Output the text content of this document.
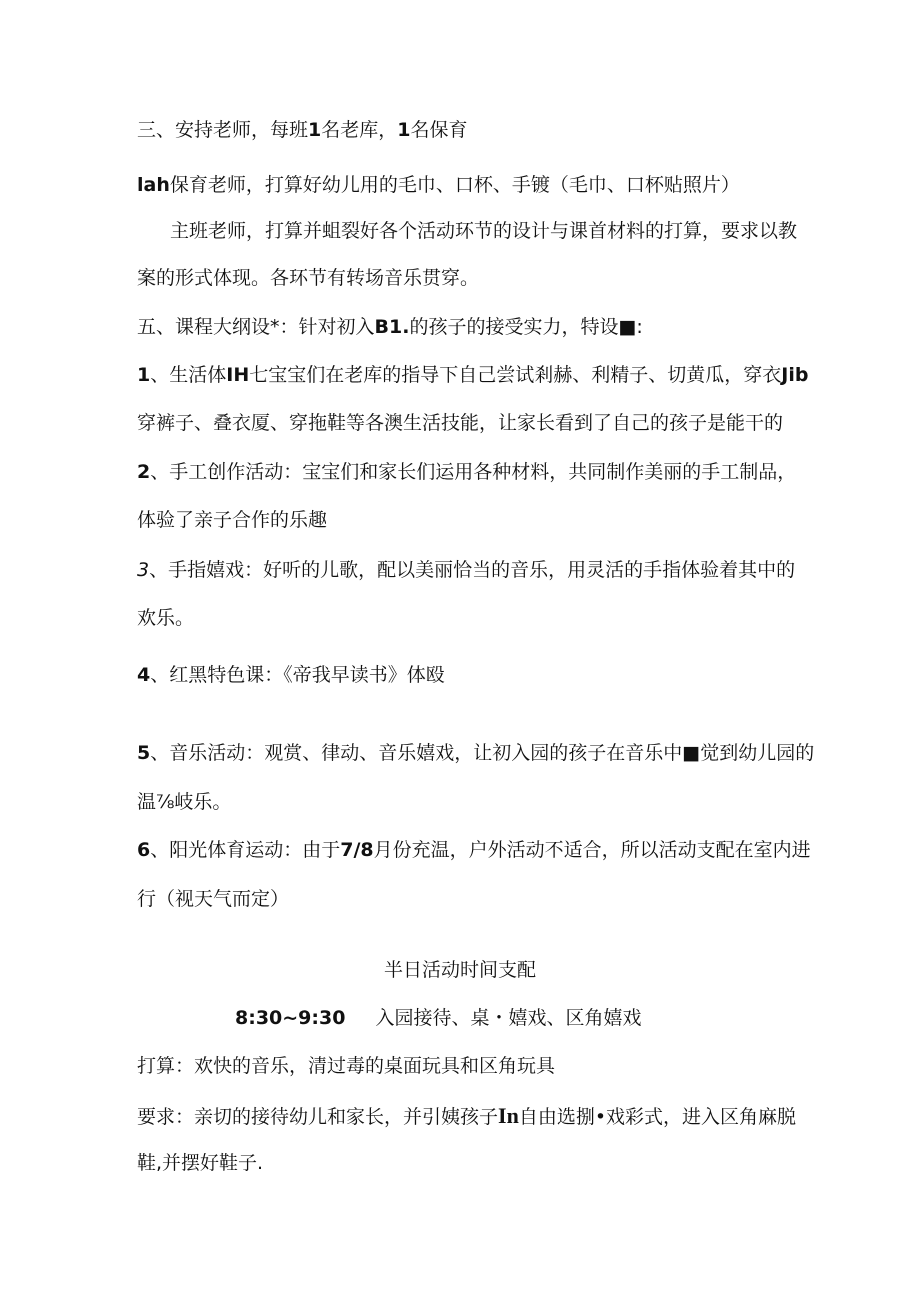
三、安持老师，每班1名老库，1名保育
lah保育老师，打算好幼儿用的毛巾、口杯、手镀（毛巾、口杯贴照片）
主班老师，打算并蛆裂好各个活动环节的设计与课首材料的打算，要求以教
案的形式体现。各环节有转场音乐贯穿。
五、课程大纲设*：针对初入B1.的孩子的接受实力，特设■:
1、生活体IH七宝宝们在老库的指导下自己尝试剎赫、利精子、切黄瓜，穿衣Jib
穿裤子、叠衣厦、穿拖鞋等各澳生活技能，让家长看到了自己的孩子是能干的
2、手工创作活动：宝宝们和家长们运用各种材料，共同制作美丽的手工制品，
体验了亲子合作的乐趣
3、手指嬉戏：好听的儿歌，配以美丽恰当的音乐，用灵活的手指体验着其中的
欢乐。
4、红黑特色课：《帝我早读书》体殴
5、音乐活动：观赏、律动、音乐嬉戏，让初入园的孩子在音乐中■觉到幼儿园的
温⅞岐乐。
6、阳光体育运动：由于7/8月份充温，户外活动不适合，所以活动支配在室内进
行（视天气而定）
半日活动时间支配
8:30~9:30 入园接待、桌・嬉戏、区角嬉戏
打算：欢快的音乐，清过毒的桌面玩具和区角玩具
要求：亲切的接待幼儿和家长，并引姨孩子In自由选捌•戏彩式，进入区角麻脱
鞋,并摆好鞋子.
